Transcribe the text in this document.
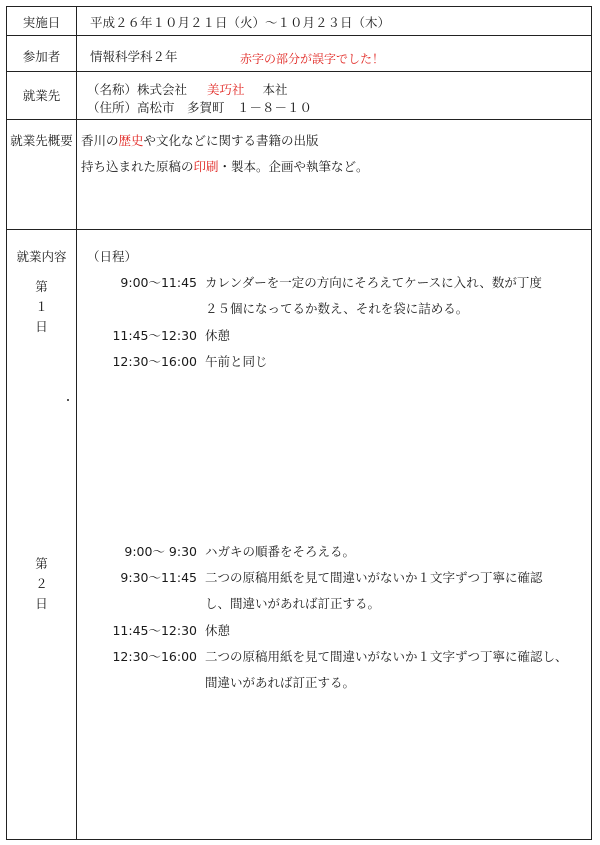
実施日	平成２６年１０月２１日（火）～１０月２３日（木）
参加者	情報科学科２年	赤字の部分が誤字でした！
就業先	（名称）株式会社 美巧社 本社
（住所）高松市　多賀町　１－８－１０
就業先概要 香川の歴史や文化などに関する書籍の出版
持ち込まれた原稿の印刷・製本。企画や執筆など。
就業内容	（日程）
第
１
日
9:00～11:45 カレンダーを一定の方向にそろえてケースに入れ、数が丁度
２５個になってるか数え、それを袋に詰める。
11:45～12:30 休憩
12:30～16:00 午前と同じ
第
２
日
9:00～ 9:30 ハガキの順番をそろえる。
9:30～11:45 二つの原稿用紙を見て間違いがないか１文字ずつ丁寧に確認
し、間違いがあれば訂正する。
11:45～12:30 休憩
12:30～16:00 二つの原稿用紙を見て間違いがないか１文字ずつ丁寧に確認し、
間違いがあれば訂正する。
